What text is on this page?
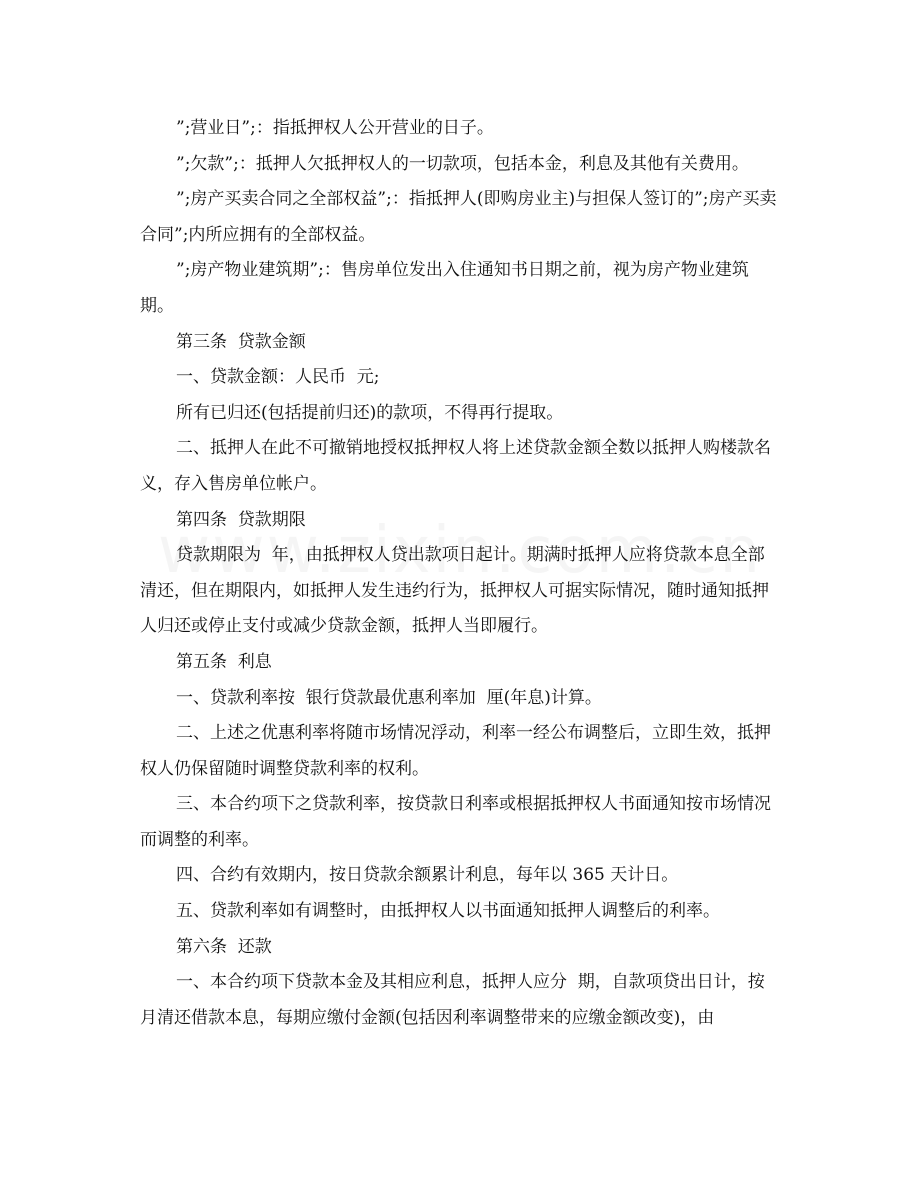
”;营业日”;：指抵押权人公开营业的日子。

”;欠款”;：抵押人欠抵押权人的一切款项，包括本金，利息及其他有关费用。

”;房产买卖合同之全部权益”;：指抵押人(即购房业主)与担保人签订的”;房产买卖合同”;内所应拥有的全部权益。

”;房产物业建筑期”;：售房单位发出入住通知书日期之前，视为房产物业建筑期。

第三条  贷款金额

一、贷款金额：人民币  元;

所有已归还(包括提前归还)的款项，不得再行提取。

二、抵押人在此不可撤销地授权抵押权人将上述贷款金额全数以抵押人购楼款名义，存入售房单位帐户。

第四条  贷款期限

贷款期限为  年，由抵押权人贷出款项日起计。期满时抵押人应将贷款本息全部清还，但在期限内，如抵押人发生违约行为，抵押权人可据实际情况，随时通知抵押人归还或停止支付或减少贷款金额，抵押人当即履行。

第五条  利息

一、贷款利率按  银行贷款最优惠利率加  厘(年息)计算。

二、上述之优惠利率将随市场情况浮动，利率一经公布调整后，立即生效，抵押权人仍保留随时调整贷款利率的权利。

三、本合约项下之贷款利率，按贷款日利率或根据抵押权人书面通知按市场情况而调整的利率。

四、合约有效期内，按日贷款余额累计利息，每年以 365 天计日。

五、贷款利率如有调整时，由抵押权人以书面通知抵押人调整后的利率。

第六条  还款

一、本合约项下贷款本金及其相应利息，抵押人应分  期，自款项贷出日计，按月清还借款本息，每期应缴付金额(包括因利率调整带来的应缴金额改变)，由
